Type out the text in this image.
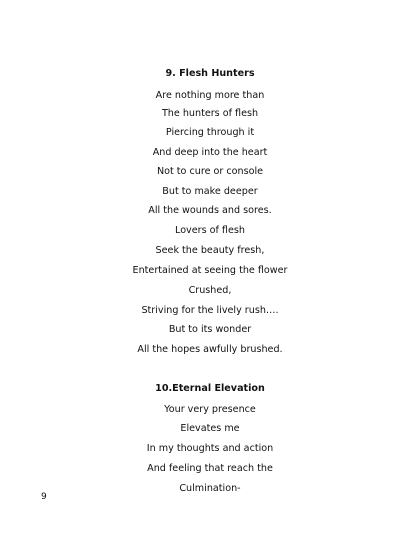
9. Flesh Hunters
Are nothing more than
The hunters of flesh
Piercing through it
And deep into the heart
Not to cure or console
But to make deeper
All the wounds and sores.
Lovers of flesh
Seek the beauty fresh,
Entertained at seeing the flower
Crushed,
Striving for the lively rush….
But to its wonder
All the hopes awfully brushed.
10.Eternal Elevation
Your very presence
Elevates me
In my thoughts and action
And feeling that reach the
Culmination-
9
